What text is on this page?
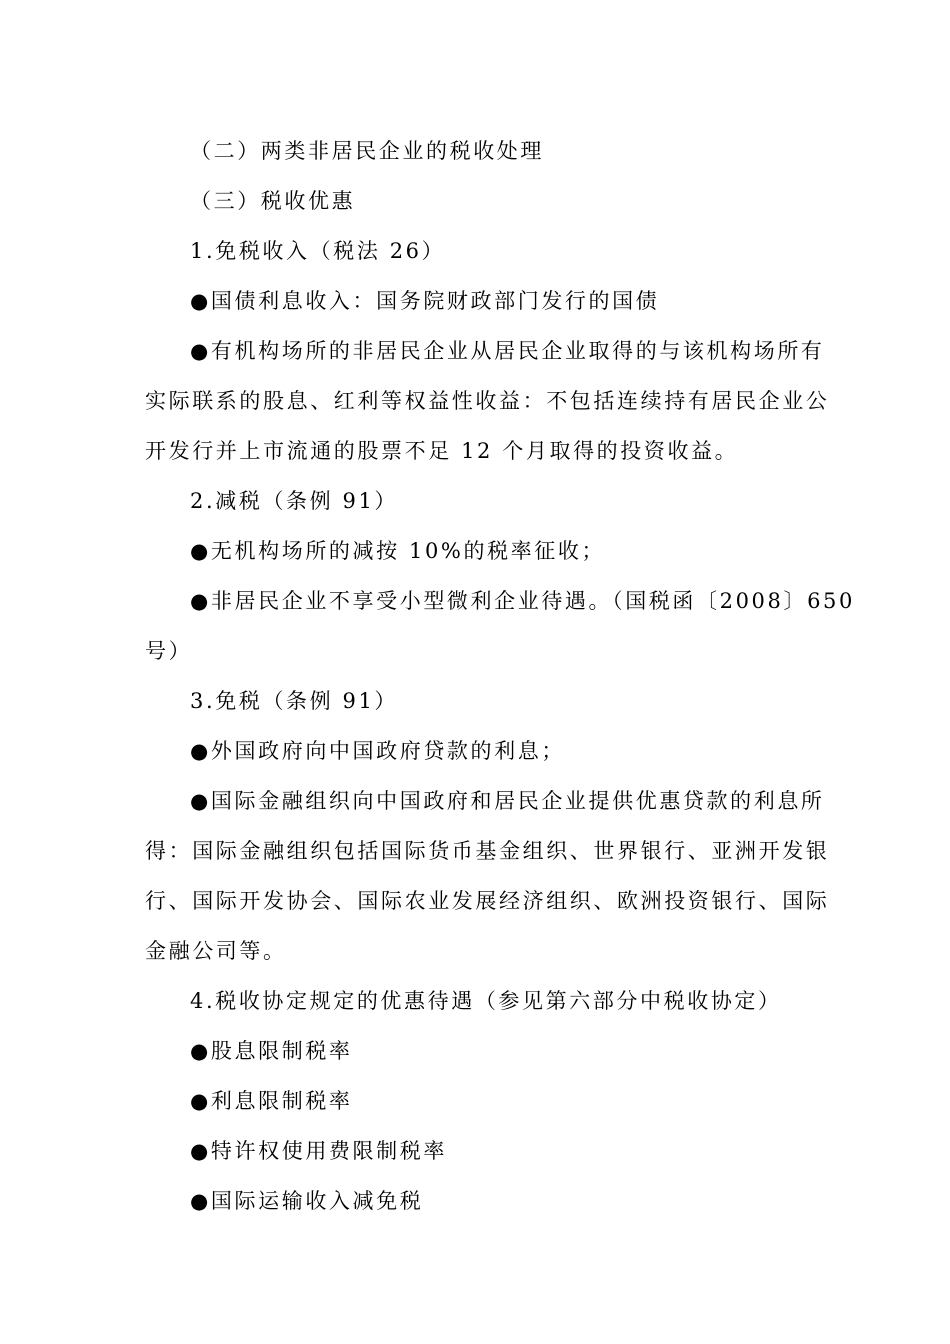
（二）两类非居民企业的税收处理
（三）税收优惠
1.免税收入（税法 26）
●国债利息收入：国务院财政部门发行的国债
●有机构场所的非居民企业从居民企业取得的与该机构场所有
实际联系的股息、红利等权益性收益：不包括连续持有居民企业公
开发行并上市流通的股票不足 12 个月取得的投资收益。
2.减税（条例 91）
●无机构场所的减按 10%的税率征收；
●非居民企业不享受小型微利企业待遇。（国税函〔2008〕650
号）
3.免税（条例 91）
●外国政府向中国政府贷款的利息；
●国际金融组织向中国政府和居民企业提供优惠贷款的利息所
得：国际金融组织包括国际货币基金组织、世界银行、亚洲开发银
行、国际开发协会、国际农业发展经济组织、欧洲投资银行、国际
金融公司等。
4.税收协定规定的优惠待遇（参见第六部分中税收协定）
●股息限制税率
●利息限制税率
●特许权使用费限制税率
●国际运输收入减免税
